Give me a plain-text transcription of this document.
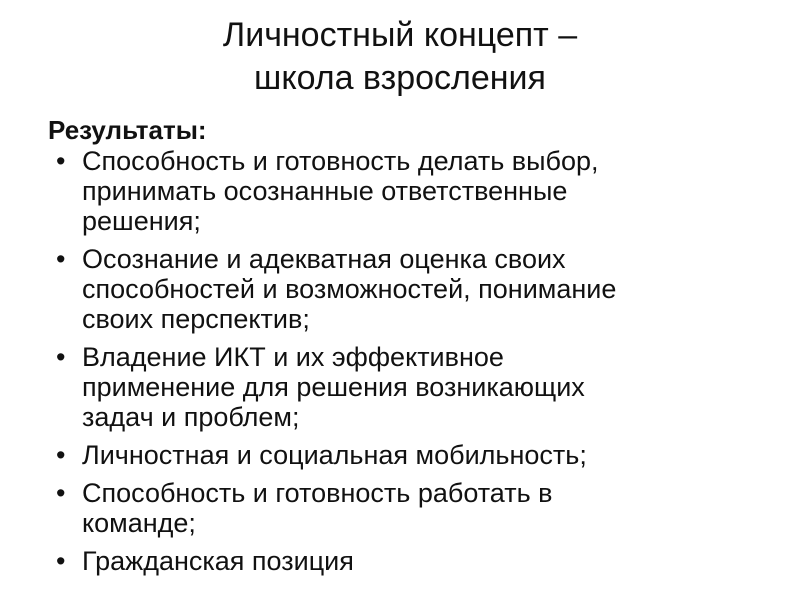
Личностный концепт –
школа взросления
Результаты:
• Способность и готовность делать выбор,
принимать осознанные ответственные
решения;
• Осознание и адекватная оценка своих
способностей и возможностей, понимание
своих перспектив;
• Владение ИКТ и их эффективное
применение для решения возникающих
задач и проблем;
• Личностная и социальная мобильность;
• Способность и готовность работать в
команде;
• Гражданская позиция
